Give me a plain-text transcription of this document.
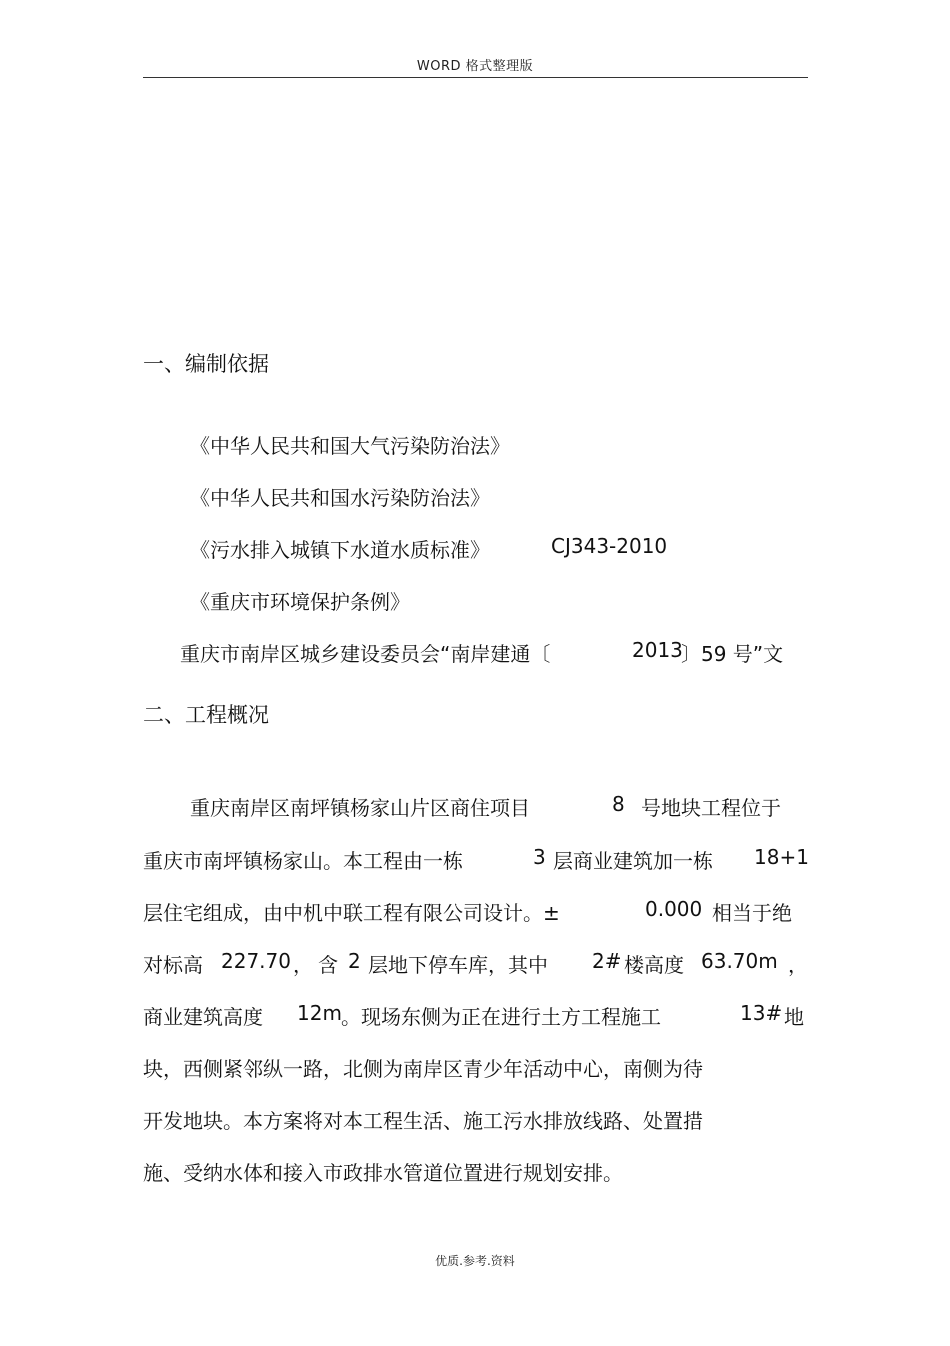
WORD 格式整理版
一、编制依据
《中华人民共和国大气污染防治法》
《中华人民共和国水污染防治法》
《污水排入城镇下水道水质标准》	CJ343-2010
《重庆市环境保护条例》
重庆市南岸区城乡建设委员会“南岸建通〔	2013
〕59 号”文
二、工程概况
重庆南岸区南坪镇杨家山片区商住项目	8 号地块工程位于
重庆市南坪镇杨家山。本工程由一栋	3 层商业建筑加一栋 18+1
层住宅组成，由中机中联工程有限公司设计。±	0.000 相当于绝
对标高 227.70 ， 含 2 层地下停车库，其中 2# 楼高度 63.70m ，
商业建筑高度 12m 。现场东侧为正在进行土方工程施工	13# 地
块，西侧紧邻纵一路，北侧为南岸区青少年活动中心，南侧为待
开发地块。本方案将对本工程生活、施工污水排放线路、处置措
施、受纳水体和接入市政排水管道位置进行规划安排。
优质.参考.资料
